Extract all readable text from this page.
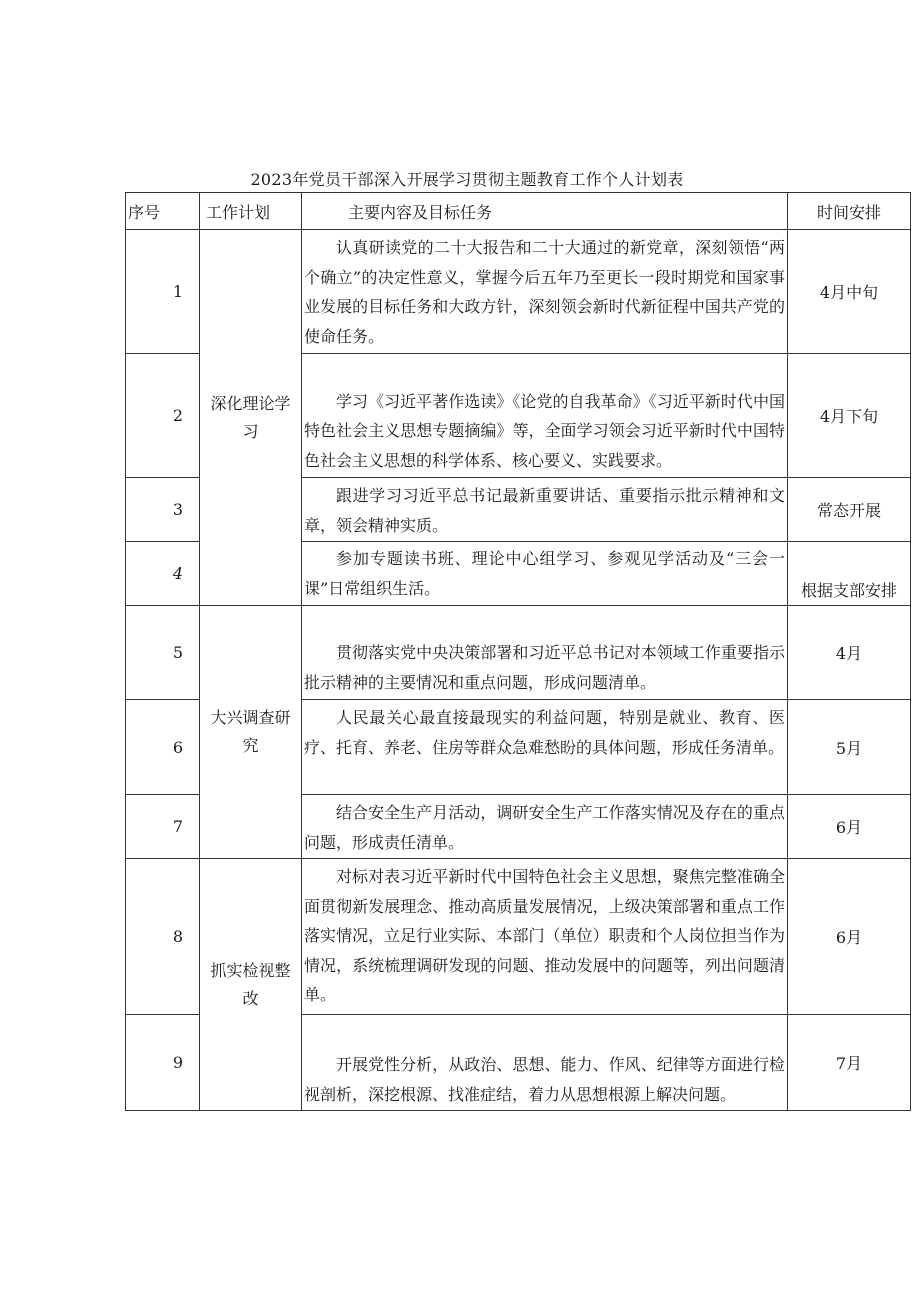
2023年党员干部深入开展学习贯彻主题教育工作个人计划表
序号	工作计划	主要内容及目标任务	时间安排
1	深化理论学习	认真研读党的二十大报告和二十大通过的新党章，深刻领悟“两个确立”的决定性意义，掌握今后五年乃至更长一段时期党和国家事业发展的目标任务和大政方针，深刻领会新时代新征程中国共产党的使命任务。	4月中旬
2		学习《习近平著作选读》《论党的自我革命》《习近平新时代中国特色社会主义思想专题摘编》等，全面学习领会习近平新时代中国特色社会主义思想的科学体系、核心要义、实践要求。	4月下旬
3		跟进学习习近平总书记最新重要讲话、重要指示批示精神和文章，领会精神实质。	常态开展
4		参加专题读书班、理论中心组学习、参观见学活动及“三会一课”日常组织生活。	根据支部安排
5	大兴调查研究	贯彻落实党中央决策部署和习近平总书记对本领域工作重要指示批示精神的主要情况和重点问题，形成问题清单。	4月
6		人民最关心最直接最现实的利益问题，特别是就业、教育、医疗、托育、养老、住房等群众急难愁盼的具体问题，形成任务清单。	5月
7		结合安全生产月活动，调研安全生产工作落实情况及存在的重点问题，形成责任清单。	6月
8	抓实检视整改	对标对表习近平新时代中国特色社会主义思想，聚焦完整准确全面贯彻新发展理念、推动高质量发展情况，上级决策部署和重点工作落实情况，立足行业实际、本部门（单位）职责和个人岗位担当作为情况，系统梳理调研发现的问题、推动发展中的问题等，列出问题清单。	6月
9		开展党性分析，从政治、思想、能力、作风、纪律等方面进行检视剖析，深挖根源、找准症结，着力从思想根源上解决问题。	7月
